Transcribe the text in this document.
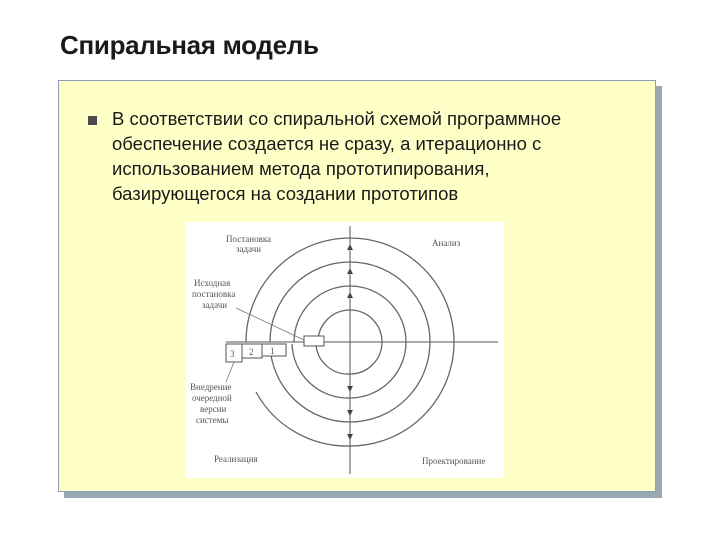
Спиральная модель
В соответствии со спиральной схемой программное
обеспечение создается не сразу, а итерационно с
использованием метода прототипирования,
базирующегося на создании прототипов
3 2 1
Постановка
задачи
Анализ
Реализация	Проектирование
Исходная
постановка
задачи
Внедрение
очередной
версии
системы
